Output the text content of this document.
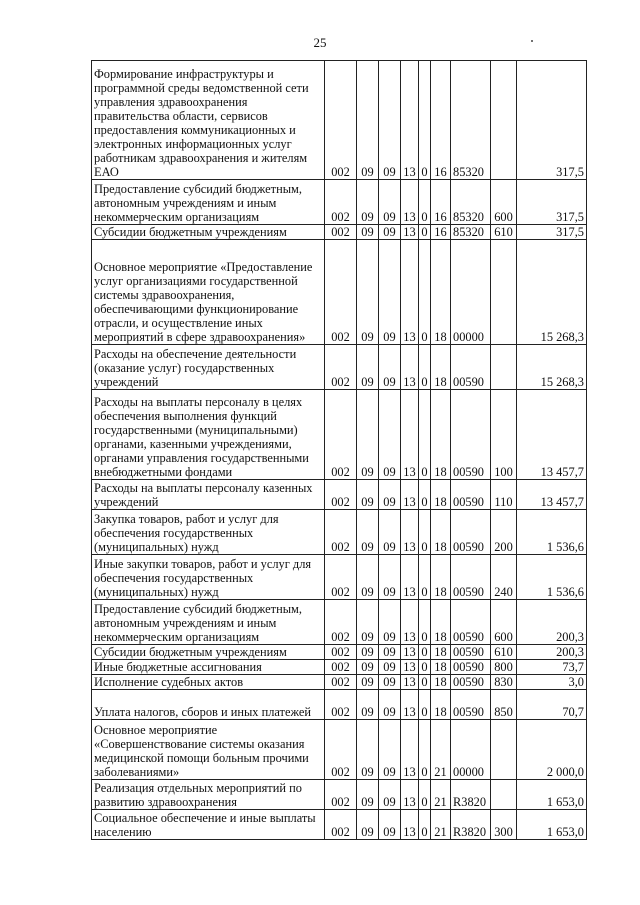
25
Формирование инфраструктуры и программной среды ведомственной сети управления здравоохранения правительства области, сервисов предоставления коммуникационных и электронных информационных услуг работникам здравоохранения и жителям ЕАО	002	09	09	13	0	16	85320		317,5
Предоставление субсидий бюджетным, автономным учреждениям и иным некоммерческим организациям	002	09	09	13	0	16	85320	600	317,5
Субсидии бюджетным учреждениям	002	09	09	13	0	16	85320	610	317,5
Основное мероприятие «Предоставление услуг организациями государственной системы здравоохранения, обеспечивающими функционирование отрасли, и осуществление иных мероприятий в сфере здравоохранения»	002	09	09	13	0	18	00000		15 268,3
Расходы на обеспечение деятельности (оказание услуг) государственных учреждений	002	09	09	13	0	18	00590		15 268,3
Расходы на выплаты персоналу в целях обеспечения выполнения функций государственными (муниципальными) органами, казенными учреждениями, органами управления государственными внебюджетными фондами	002	09	09	13	0	18	00590	100	13 457,7
Расходы на выплаты персоналу казенных учреждений	002	09	09	13	0	18	00590	110	13 457,7
Закупка товаров, работ и услуг для обеспечения государственных (муниципальных) нужд	002	09	09	13	0	18	00590	200	1 536,6
Иные закупки товаров, работ и услуг для обеспечения государственных (муниципальных) нужд	002	09	09	13	0	18	00590	240	1 536,6
Предоставление субсидий бюджетным, автономным учреждениям и иным некоммерческим организациям	002	09	09	13	0	18	00590	600	200,3
Субсидии бюджетным учреждениям	002	09	09	13	0	18	00590	610	200,3
Иные бюджетные ассигнования	002	09	09	13	0	18	00590	800	73,7
Исполнение судебных актов	002	09	09	13	0	18	00590	830	3,0
Уплата налогов, сборов и иных платежей	002	09	09	13	0	18	00590	850	70,7
Основное мероприятие «Совершенствование системы оказания медицинской помощи больным прочими заболеваниями»	002	09	09	13	0	21	00000		2 000,0
Реализация отдельных мероприятий по развитию здравоохранения	002	09	09	13	0	21	R3820		1 653,0
Социальное обеспечение и иные выплаты населению	002	09	09	13	0	21	R3820	300	1 653,0
